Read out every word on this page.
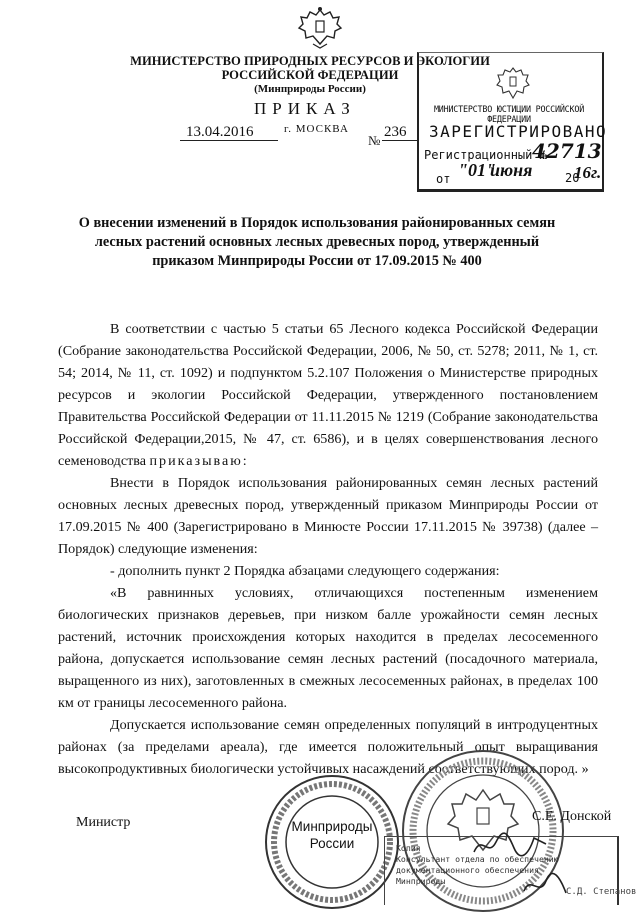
МИНИСТЕРСТВО ПРИРОДНЫХ РЕСУРСОВ И ЭКОЛОГИИ
РОССИЙСКОЙ ФЕДЕРАЦИИ
(Минприроды России)
ПРИКАЗ
13.04.2016	г. МОСКВА
№
236
МИНИСТЕРСТВО ЮСТИЦИИ РОССИЙСКОЙ ФЕДЕРАЦИИ
ЗАРЕГИСТРИРОВАНО
Регистрационный №
42713
от "01"
июня	20
16г.
О внесении изменений в Порядок использования районированных семян лесных растений основных лесных древесных пород, утвержденный приказом Минприроды России от 17.09.2015 № 400

В соответствии с частью 5 статьи 65 Лесного кодекса Российской Федерации (Собрание законодательства Российской Федерации, 2006, № 50, ст. 5278; 2011, № 1, ст. 54; 2014, № 11, ст. 1092) и подпунктом 5.2.107 Положения о Министерстве природных ресурсов и экологии Российской Федерации, утвержденного постановлением Правительства Российской Федерации от 11.11.2015 № 1219 (Собрание законодательства Российской Федерации,2015, № 47, ст. 6586), и в целях совершенствования лесного семеноводства приказываю:

Внести в Порядок использования районированных семян лесных растений основных лесных древесных пород, утвержденный приказом Минприроды России от 17.09.2015 № 400 (Зарегистрировано в Минюсте России 17.11.2015 № 39738) (далее – Порядок) следующие изменения:

- дополнить пункт 2 Порядка абзацами следующего содержания:

«В равнинных условиях, отличающихся постепенным изменением биологических признаков деревьев, при низком балле урожайности семян лесных растений, источник происхождения которых находится в пределах лесосеменного района, допускается использование семян лесных растений (посадочного материала, выращенного из них), заготовленных в смежных лесосеменных районах, в пределах 100 км от границы лесосеменного района.

Допускается использование семян определенных популяций в интродуцентных районах (за пределами ареала), где имеется положительный опыт выращивания высокопродуктивных биологически устойчивых насаждений соответствующих пород. »

Минприроды
России	Копия
Консультант отдела по обеспечению
документационного обеспечения
Минприроды
С.Д. Степанов
Министр	С.Е. Донской
